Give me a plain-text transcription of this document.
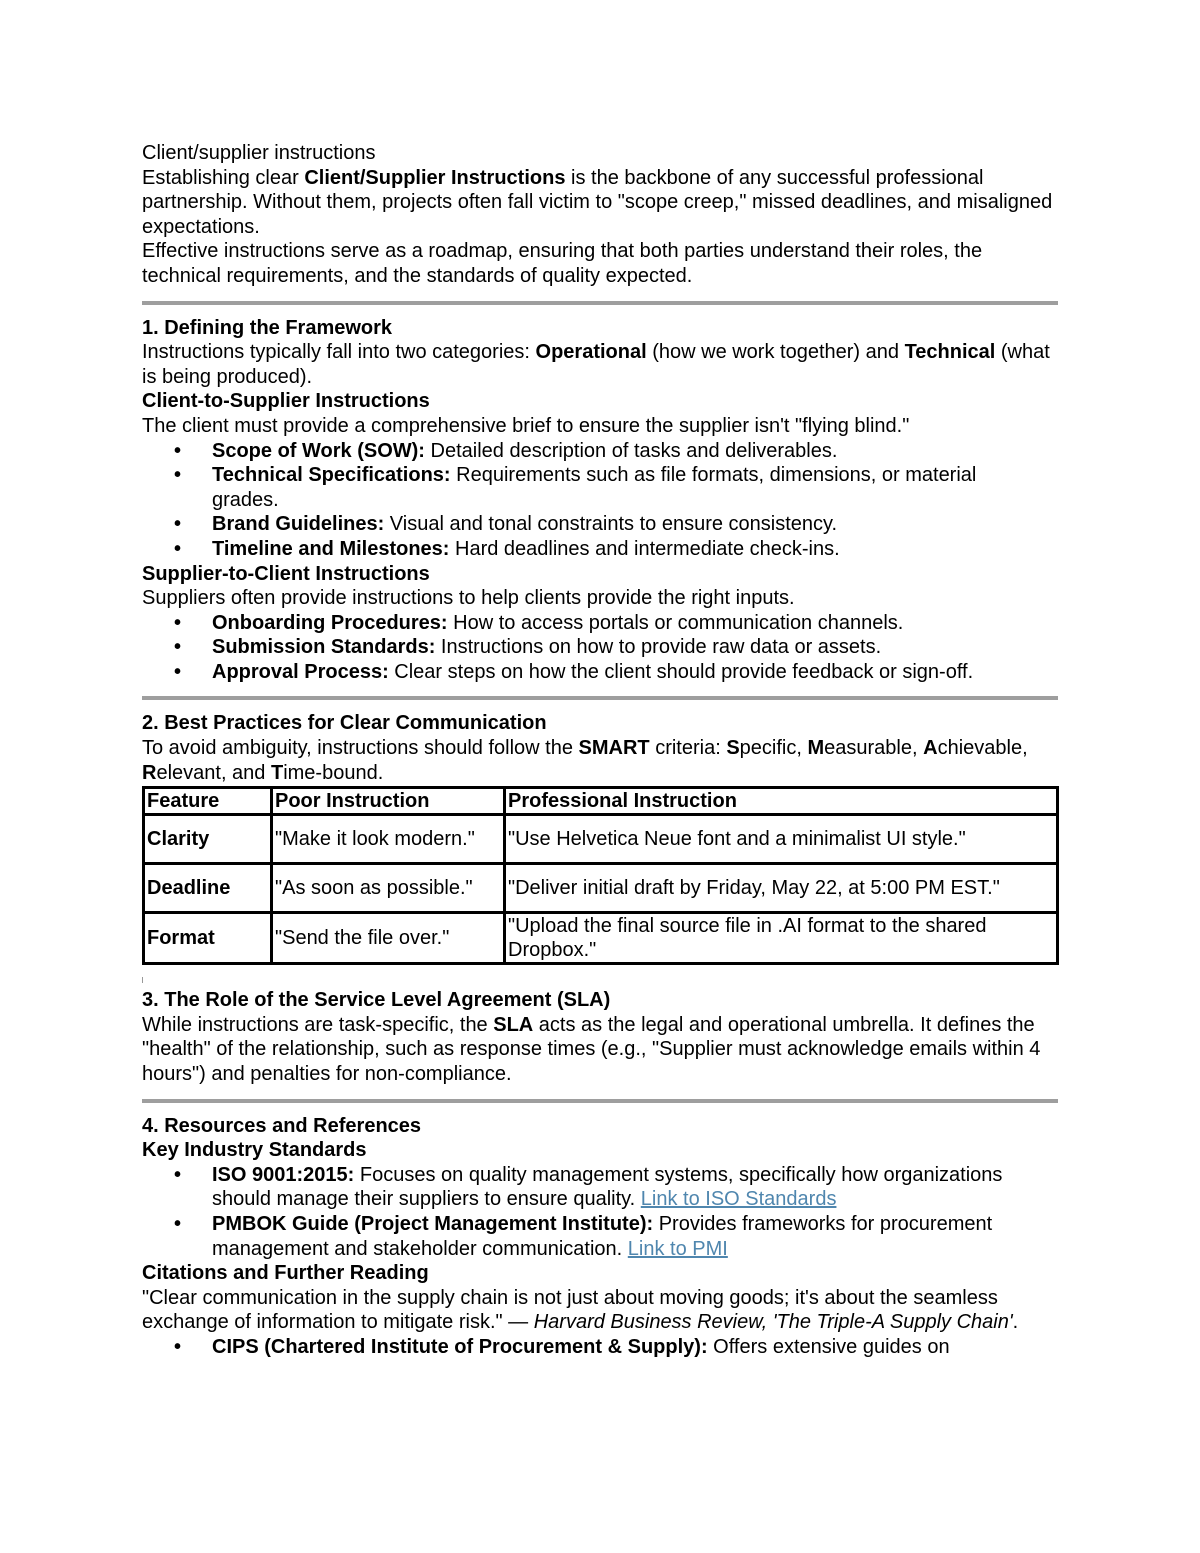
Client/supplier instructions

Establishing clear Client/Supplier Instructions is the backbone of any successful professional partnership. Without them, projects often fall victim to "scope creep," missed deadlines, and misaligned expectations.

Effective instructions serve as a roadmap, ensuring that both parties understand their roles, the technical requirements, and the standards of quality expected.

1. Defining the Framework

Instructions typically fall into two categories: Operational (how we work together) and Technical (what is being produced).

Client-to-Supplier Instructions

The client must provide a comprehensive brief to ensure the supplier isn't "flying blind."

• Scope of Work (SOW): Detailed description of tasks and deliverables.
• Technical Specifications: Requirements such as file formats, dimensions, or material grades.
• Brand Guidelines: Visual and tonal constraints to ensure consistency.
• Timeline and Milestones: Hard deadlines and intermediate check-ins.

Supplier-to-Client Instructions

Suppliers often provide instructions to help clients provide the right inputs.

• Onboarding Procedures: How to access portals or communication channels.
• Submission Standards: Instructions on how to provide raw data or assets.
• Approval Process: Clear steps on how the client should provide feedback or sign-off.

2. Best Practices for Clear Communication

To avoid ambiguity, instructions should follow the SMART criteria: Specific, Measurable, Achievable, Relevant, and Time-bound.

Feature	Poor Instruction	Professional Instruction
Clarity	"Make it look modern."	"Use Helvetica Neue font and a minimalist UI style."
Deadline	"As soon as possible."	"Deliver initial draft by Friday, May 22, at 5:00 PM EST."
Format	"Send the file over."	"Upload the final source file in .AI format to the shared Dropbox."

3. The Role of the Service Level Agreement (SLA)

While instructions are task-specific, the SLA acts as the legal and operational umbrella. It defines the "health" of the relationship, such as response times (e.g., "Supplier must acknowledge emails within 4 hours") and penalties for non-compliance.

4. Resources and References

Key Industry Standards

• ISO 9001:2015: Focuses on quality management systems, specifically how organizations should manage their suppliers to ensure quality. Link to ISO Standards
• PMBOK Guide (Project Management Institute): Provides frameworks for procurement management and stakeholder communication. Link to PMI

Citations and Further Reading

"Clear communication in the supply chain is not just about moving goods; it's about the seamless exchange of information to mitigate risk." — Harvard Business Review, 'The Triple-A Supply Chain'.

• CIPS (Chartered Institute of Procurement & Supply): Offers extensive guides on
